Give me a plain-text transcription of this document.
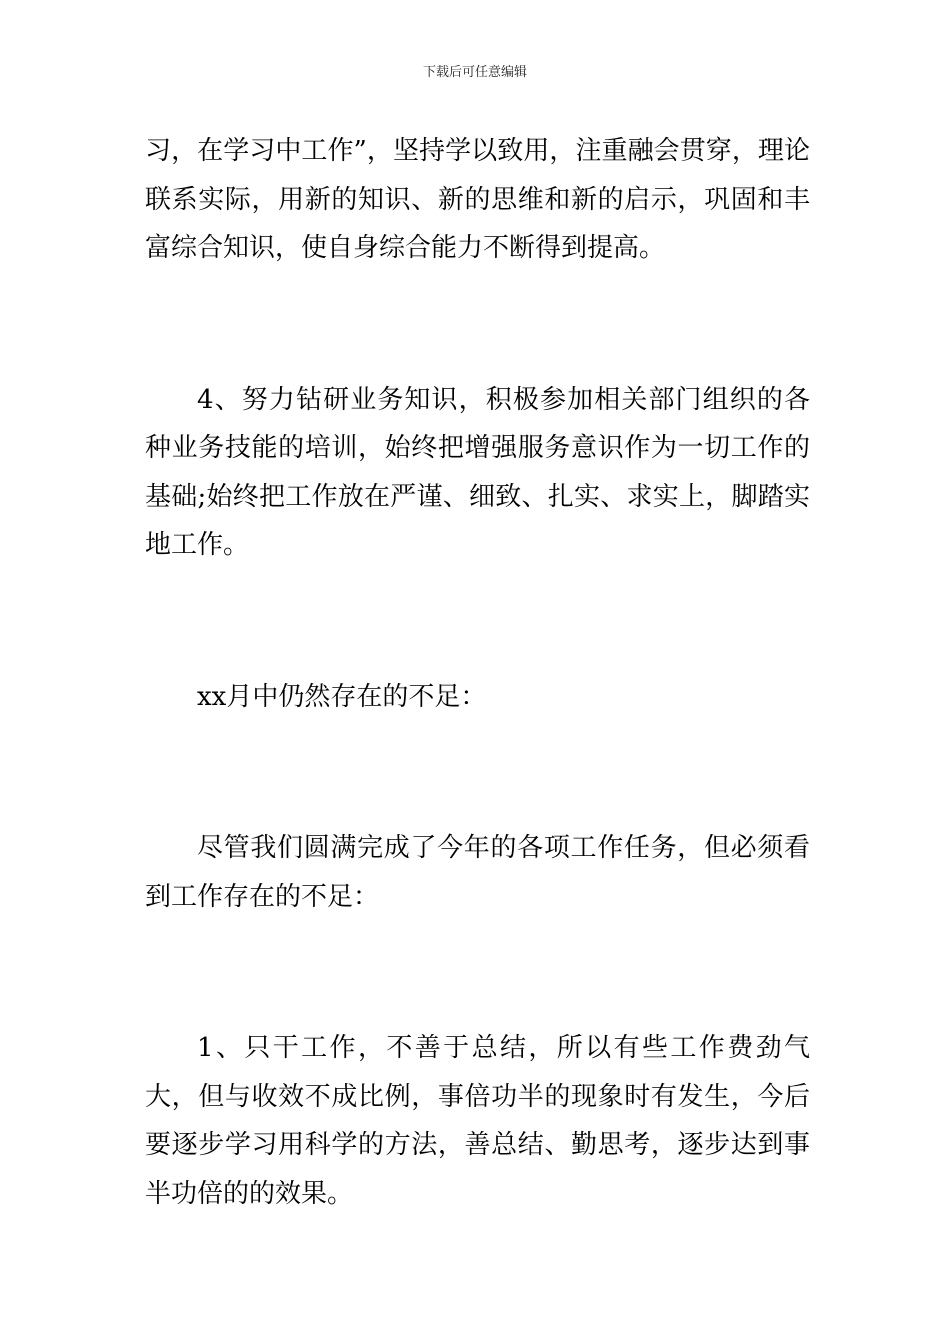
下载后可任意编辑

习，在学习中工作”，坚持学以致用，注重融会贯穿，理论联系实际，用新的知识、新的思维和新的启示，巩固和丰富综合知识，使自身综合能力不断得到提高。

4、努力钻研业务知识，积极参加相关部门组织的各种业务技能的培训，始终把增强服务意识作为一切工作的基础;始终把工作放在严谨、细致、扎实、求实上，脚踏实地工作。

xx月中仍然存在的不足：

尽管我们圆满完成了今年的各项工作任务，但必须看到工作存在的不足：

1、只干工作，不善于总结，所以有些工作费劲气大，但与收效不成比例，事倍功半的现象时有发生，今后要逐步学习用科学的方法，善总结、勤思考，逐步达到事半功倍的的效果。
